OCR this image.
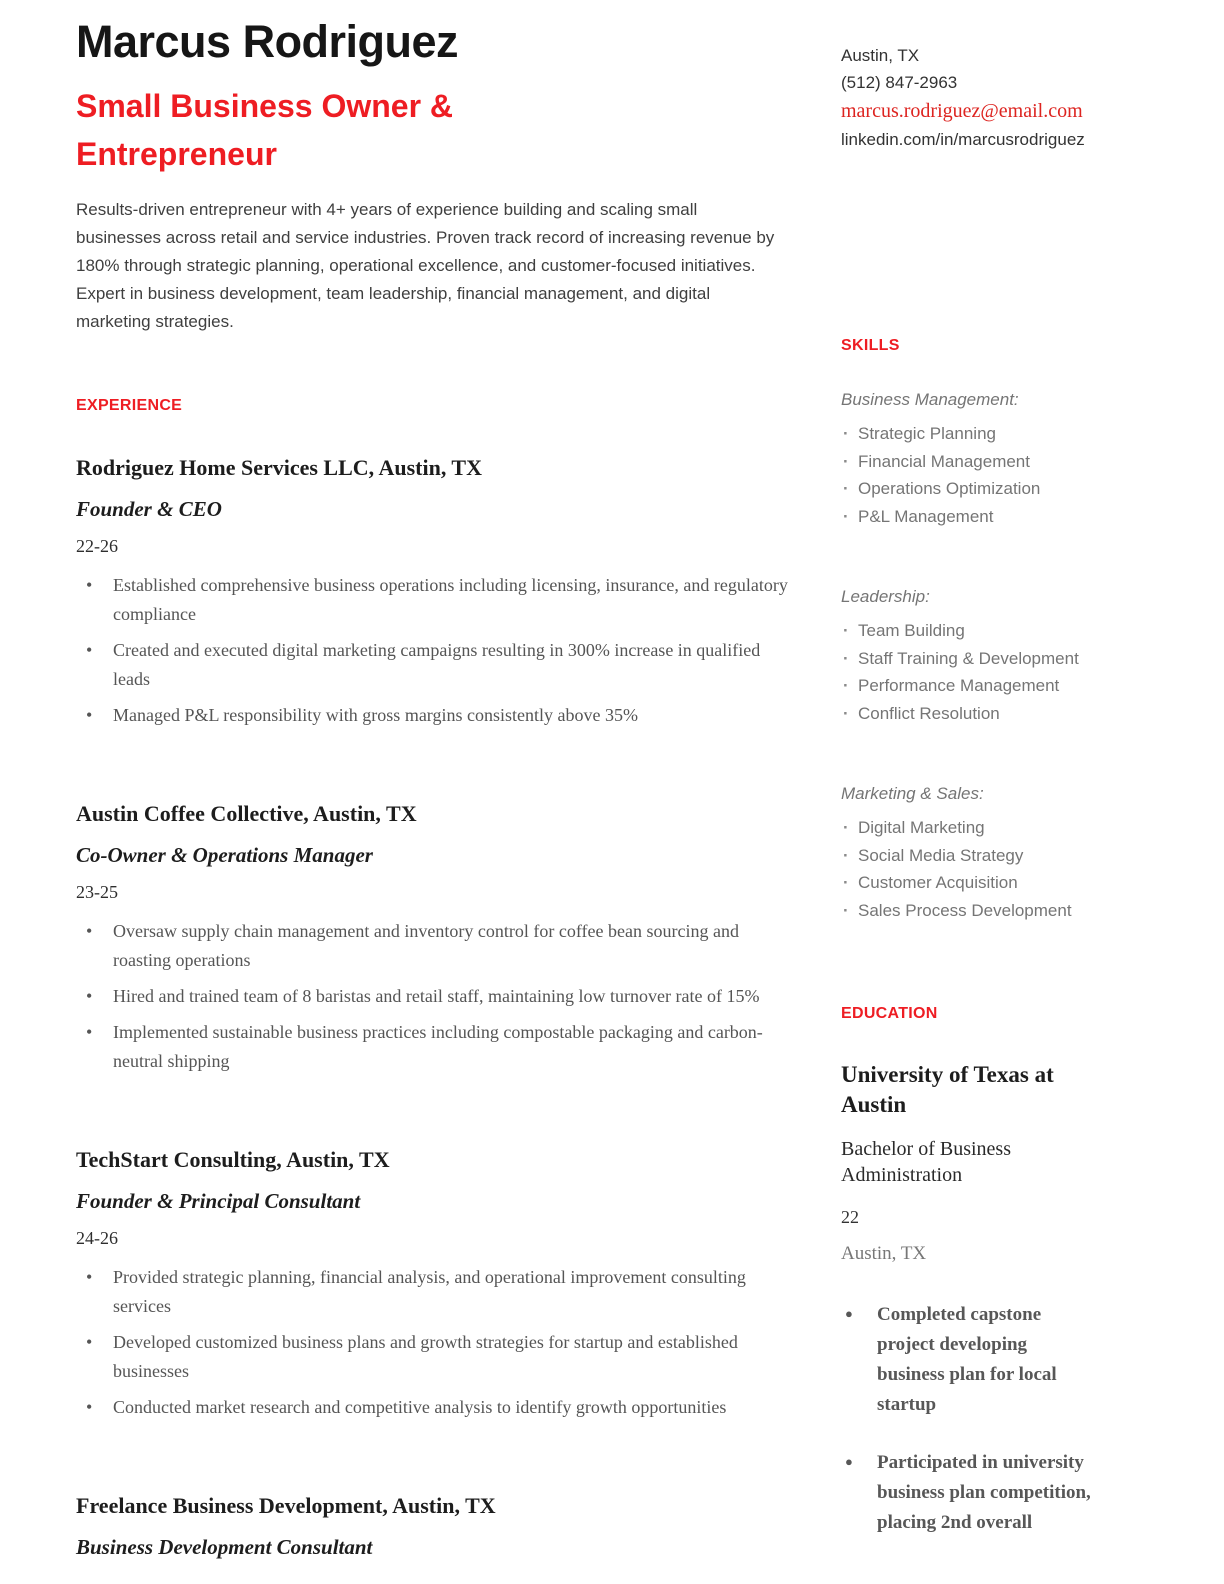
Marcus Rodriguez
Small Business Owner & Entrepreneur

Results-driven entrepreneur with 4+ years of experience building and scaling small businesses across retail and service industries. Proven track record of increasing revenue by 180% through strategic planning, operational excellence, and customer-focused initiatives. Expert in business development, team leadership, financial management, and digital marketing strategies.

EXPERIENCE
Rodriguez Home Services LLC, Austin, TX
Founder & CEO
22-26
• Established comprehensive business operations including licensing, insurance, and regulatory compliance
• Created and executed digital marketing campaigns resulting in 300% increase in qualified leads
• Managed P&L responsibility with gross margins consistently above 35%
Austin Coffee Collective, Austin, TX
Co-Owner & Operations Manager
23-25
• Oversaw supply chain management and inventory control for coffee bean sourcing and roasting operations
• Hired and trained team of 8 baristas and retail staff, maintaining low turnover rate of 15%
• Implemented sustainable business practices including compostable packaging and carbon-neutral shipping
TechStart Consulting, Austin, TX
Founder & Principal Consultant
24-26
• Provided strategic planning, financial analysis, and operational improvement consulting services
• Developed customized business plans and growth strategies for startup and established businesses
• Conducted market research and competitive analysis to identify growth opportunities
Freelance Business Development, Austin, TX
Business Development Consultant
Austin, TX
(512) 847-2963
marcus.rodriguez@email.com
linkedin.com/in/marcusrodriguez
SKILLS
Business Management:
· Strategic Planning
· Financial Management
· Operations Optimization
· P&L Management
Leadership:
· Team Building
· Staff Training & Development
· Performance Management
· Conflict Resolution
Marketing & Sales:
· Digital Marketing
· Social Media Strategy
· Customer Acquisition
· Sales Process Development
EDUCATION
University of Texas at Austin
Bachelor of Business Administration
22
Austin, TX
● Completed capstone project developing business plan for local startup
● Participated in university business plan competition, placing 2nd overall
